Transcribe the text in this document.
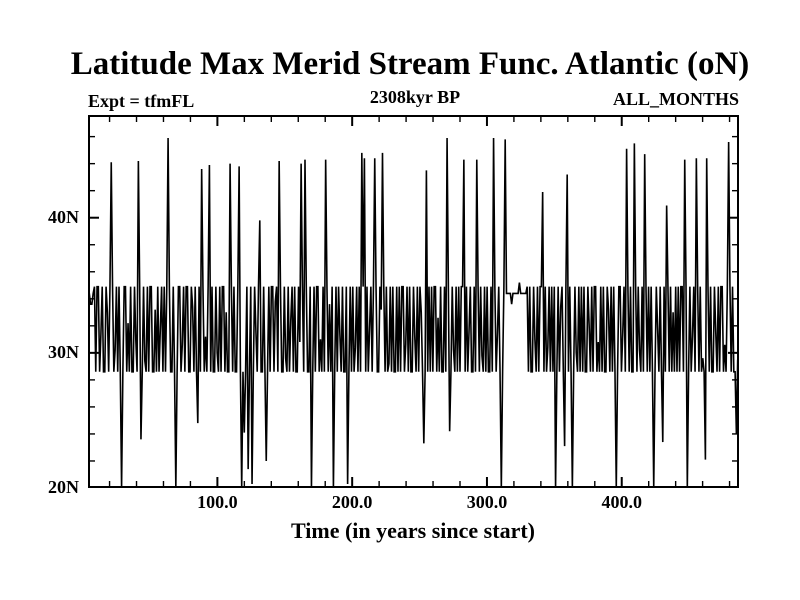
Latitude Max Merid Stream Func. Atlantic (oN)
Expt = tfmFL	2308kyr BP	ALL_MONTHS
100.0	200.0	300.0	400.0
20N
30N
40N
Time (in years since start)
